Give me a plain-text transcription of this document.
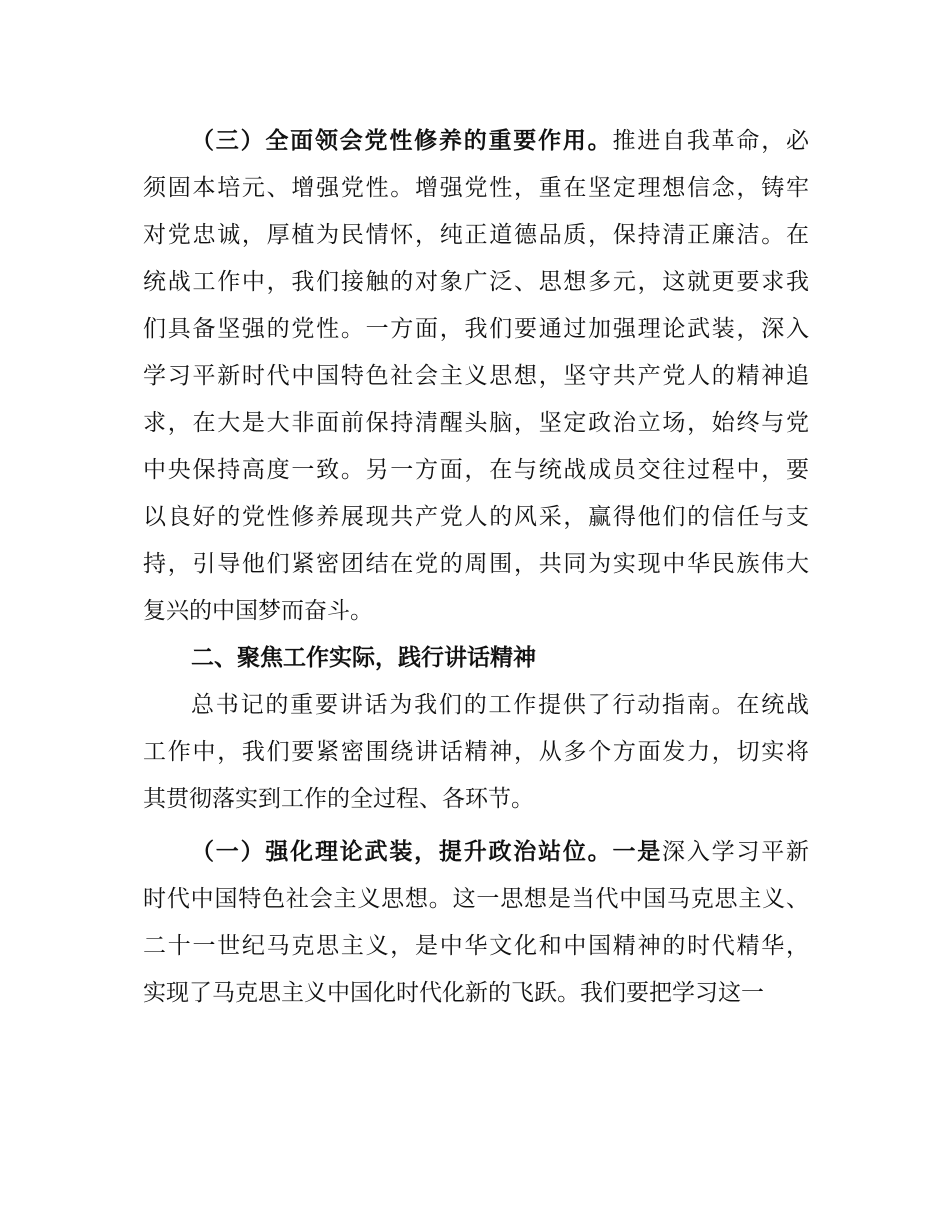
（三）全面领会党性修养的重要作用。推进自我革命，必
须固本培元、增强党性。增强党性，重在坚定理想信念，铸牢
对党忠诚，厚植为民情怀，纯正道德品质，保持清正廉洁。在
统战工作中，我们接触的对象广泛、思想多元，这就更要求我
们具备坚强的党性。一方面，我们要通过加强理论武装，深入
学习平新时代中国特色社会主义思想，坚守共产党人的精神追
求，在大是大非面前保持清醒头脑，坚定政治立场，始终与党
中央保持高度一致。另一方面，在与统战成员交往过程中，要
以良好的党性修养展现共产党人的风采，赢得他们的信任与支
持，引导他们紧密团结在党的周围，共同为实现中华民族伟大
复兴的中国梦而奋斗。
二、聚焦工作实际，践行讲话精神
总书记的重要讲话为我们的工作提供了行动指南。在统战
工作中，我们要紧密围绕讲话精神，从多个方面发力，切实将
其贯彻落实到工作的全过程、各环节。
（一）强化理论武装，提升政治站位。一是深入学习平新
时代中国特色社会主义思想。这一思想是当代中国马克思主义、
二十一世纪马克思主义，是中华文化和中国精神的时代精华，
实现了马克思主义中国化时代化新的飞跃。我们要把学习这一
